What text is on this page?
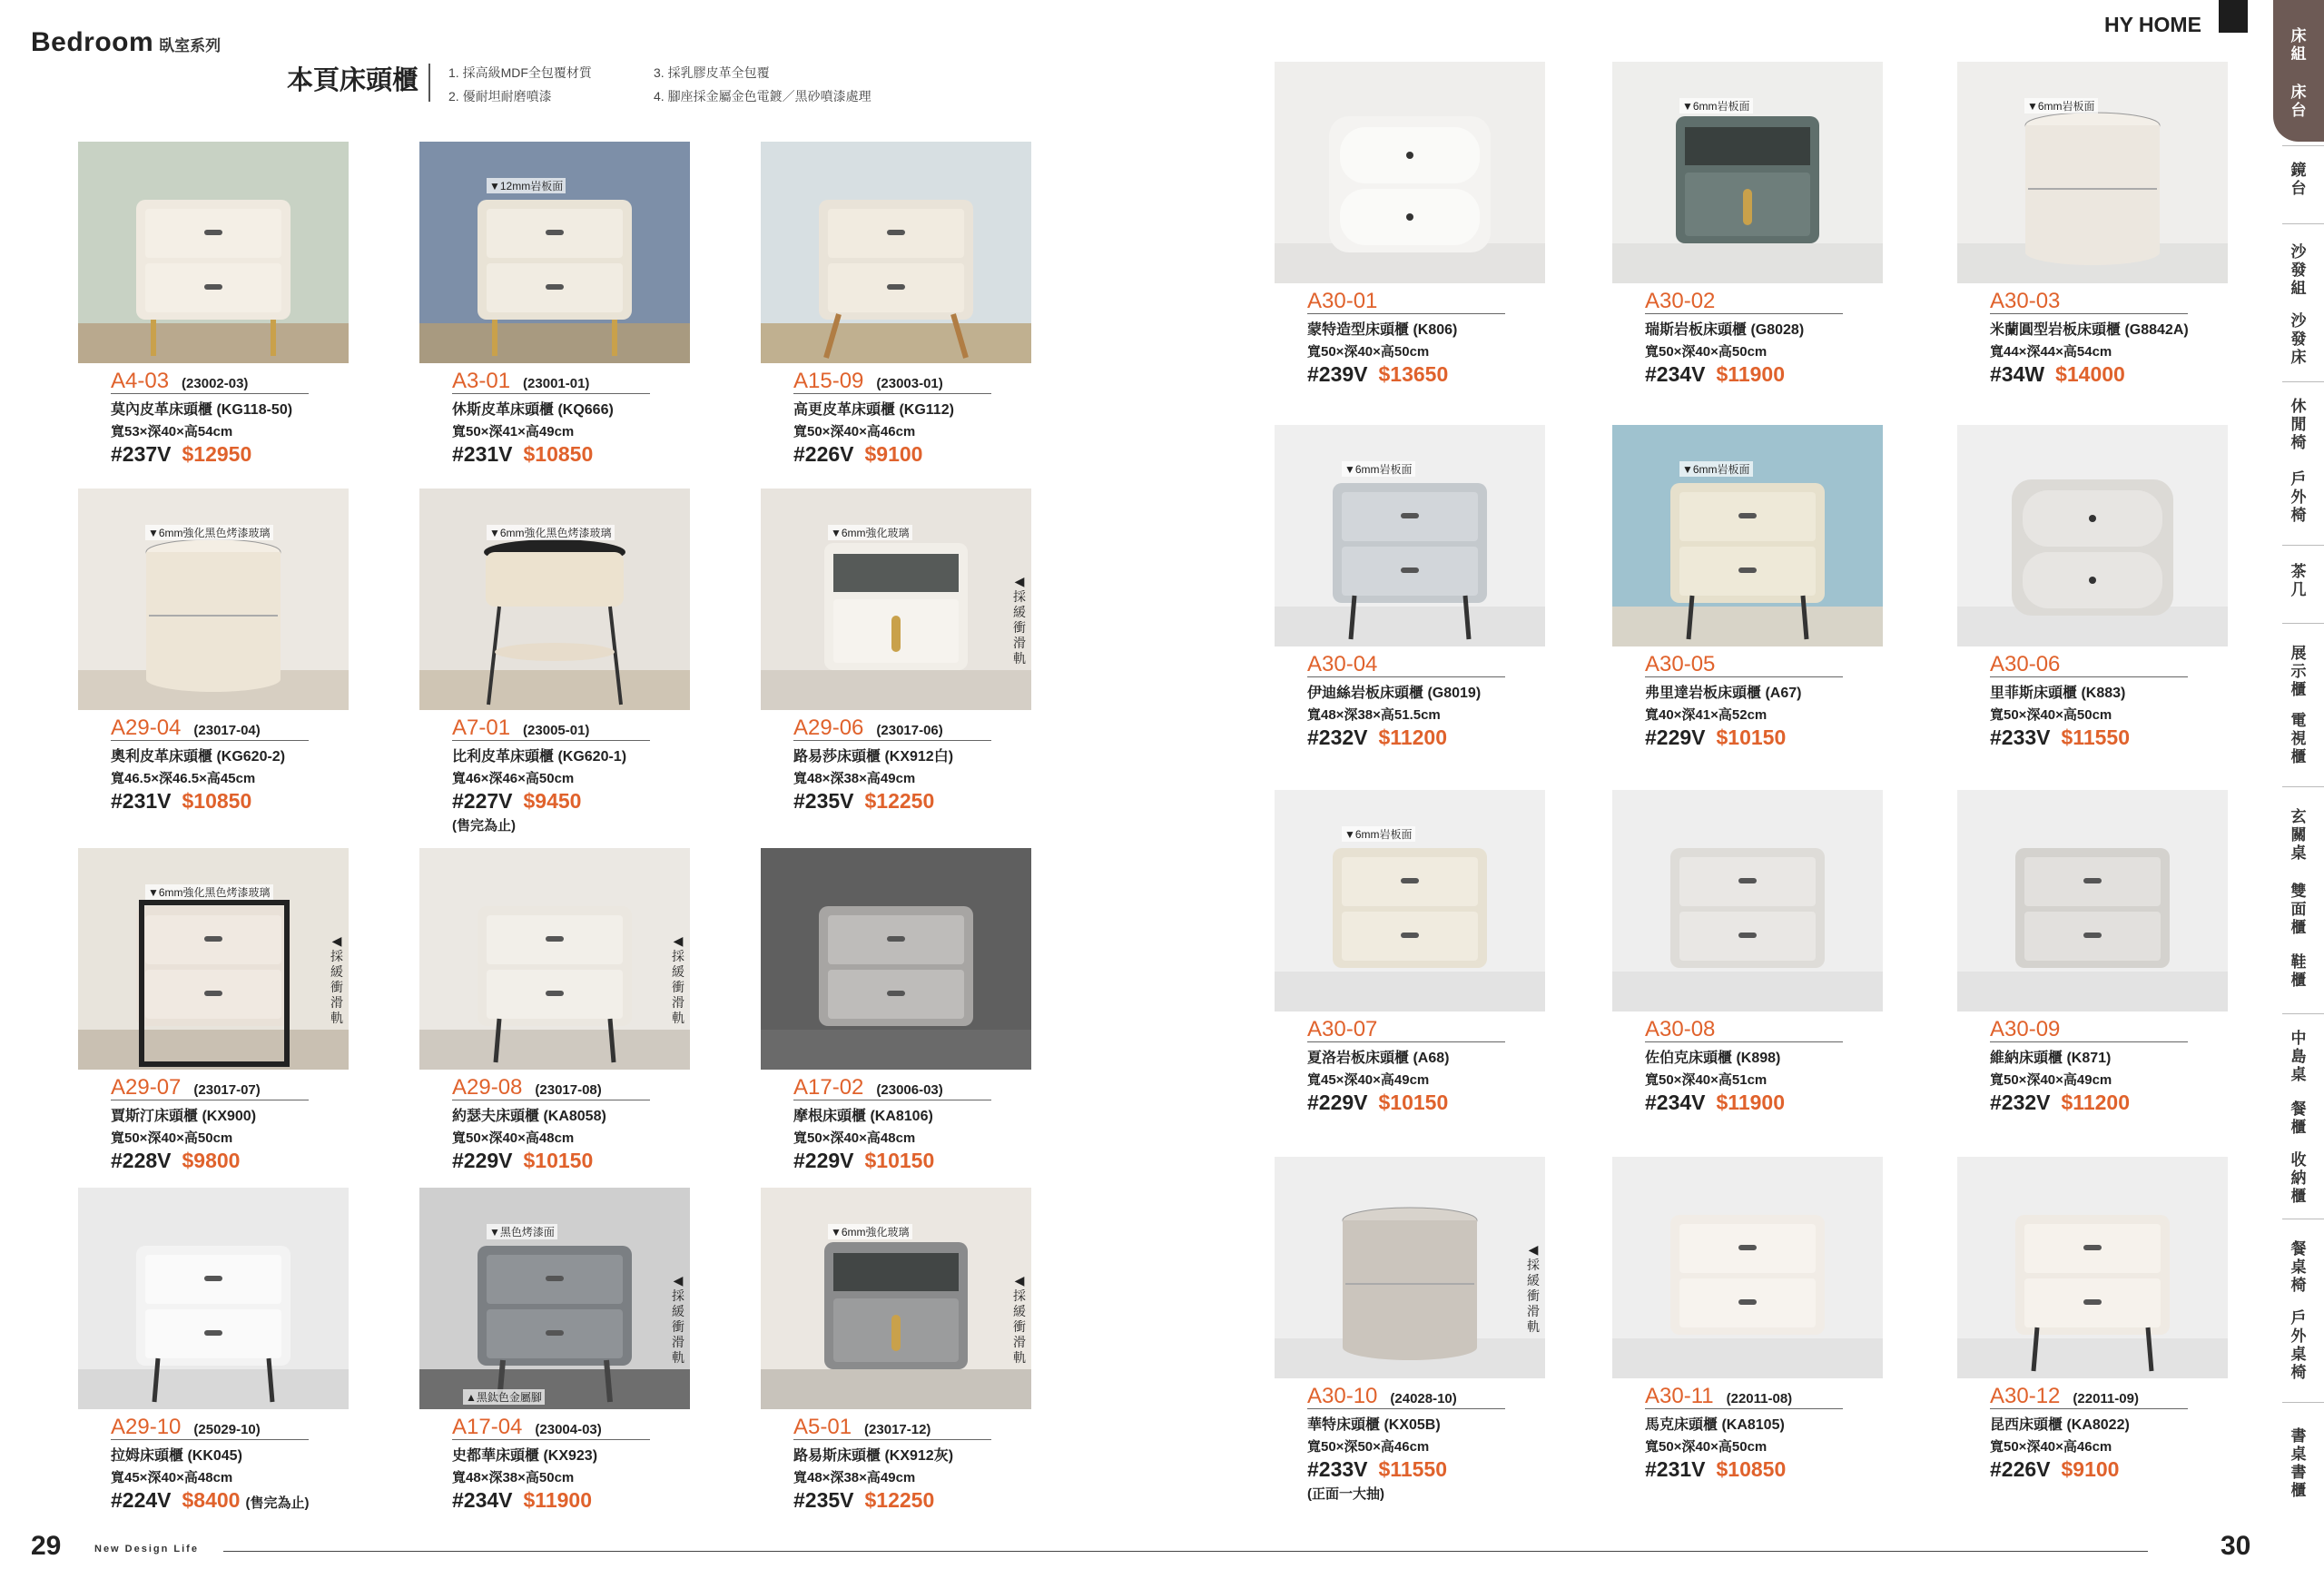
Bedroom 臥室系列
本頁床頭櫃 1. 採高級MDF全包覆材質
2. 優耐坦耐磨噴漆
3. 採乳膠皮革全包覆
4. 腳座採金屬金色電鍍／黑砂噴漆處理
HY HOME
A4-03 (23002-03)
莫內皮革床頭櫃 (KG118-50)
寬53×深40×高54cm
#237V $12950
▼12mm岩板面
A3-01 (23001-01)
休斯皮革床頭櫃 (KQ666)
寬50×深41×高49cm
#231V $10850
A15-09 (23003-01)
高更皮革床頭櫃 (KG112)
寬50×深40×高46cm
#226V $9100
▼6mm強化黑色烤漆玻璃
A29-04 (23017-04)
奧利皮革床頭櫃 (KG620-2)
寬46.5×深46.5×高45cm
#231V $10850
▼6mm強化黑色烤漆玻璃
A7-01 (23005-01)
比利皮革床頭櫃 (KG620-1)
寬46×深46×高50cm
#227V $9450
(售完為止)
▼6mm強化玻璃
◀採緩衝滑軌
A29-06 (23017-06)
路易莎床頭櫃 (KX912白)
寬48×深38×高49cm
#235V $12250
▼6mm強化黑色烤漆玻璃
◀採緩衝滑軌
A29-07 (23017-07)
賈斯汀床頭櫃 (KX900)
寬50×深40×高50cm
#228V $9800
◀採緩衝滑軌
A29-08 (23017-08)
約瑟夫床頭櫃 (KA8058)
寬50×深40×高48cm
#229V $10150
A17-02 (23006-03)
摩根床頭櫃 (KA8106)
寬50×深40×高48cm
#229V $10150
A29-10 (25029-10)
拉姆床頭櫃 (KK045)
寬45×深40×高48cm
#224V $8400 (售完為止)
▼黑色烤漆面
▲黑鈦色金屬腳
◀採緩衝滑軌
A17-04 (23004-03)
史都華床頭櫃 (KX923)
寬48×深38×高50cm
#234V $11900
▼6mm強化玻璃
◀採緩衝滑軌
A5-01 (23017-12)
路易斯床頭櫃 (KX912灰)
寬48×深38×高49cm
#235V $12250
A30-01
蒙特造型床頭櫃 (K806)
寬50×深40×高50cm
#239V $13650
▼6mm岩板面
A30-02
瑞斯岩板床頭櫃 (G8028)
寬50×深40×高50cm
#234V $11900
▼6mm岩板面
A30-03
米蘭圓型岩板床頭櫃 (G8842A)
寬44×深44×高54cm
#34W $14000
▼6mm岩板面
A30-04
伊迪絲岩板床頭櫃 (G8019)
寬48×深38×高51.5cm
#232V $11200
▼6mm岩板面
A30-05
弗里達岩板床頭櫃 (A67)
寬40×深41×高52cm
#229V $10150
A30-06
里菲斯床頭櫃 (K883)
寬50×深40×高50cm
#233V $11550
▼6mm岩板面
A30-07
夏洛岩板床頭櫃 (A68)
寬45×深40×高49cm
#229V $10150
A30-08
佐伯克床頭櫃 (K898)
寬50×深40×高51cm
#234V $11900
A30-09
維納床頭櫃 (K871)
寬50×深40×高49cm
#232V $11200
◀採緩衝滑軌
A30-10 (24028-10)
華特床頭櫃 (KX05B)
寬50×深50×高46cm
#233V $11550
(正面一大抽)
A30-11 (22011-08)
馬克床頭櫃 (KA8105)
寬50×深40×高50cm
#231V $10850
A30-12 (22011-09)
昆西床頭櫃 (KA8022)
寬50×深40×高46cm
#226V $9100
29	New Design Life	30
床
組
床
台
鏡
台
沙
發
組
沙
發
床
休
閒
椅
戶
外
椅
茶
几
展
示
櫃
電
視
櫃
玄
關
桌
雙
面
櫃
鞋
櫃
中
島
桌
餐
櫃
收
納
櫃
餐
桌
椅
戶
外
桌
椅
書
桌
書
櫃
